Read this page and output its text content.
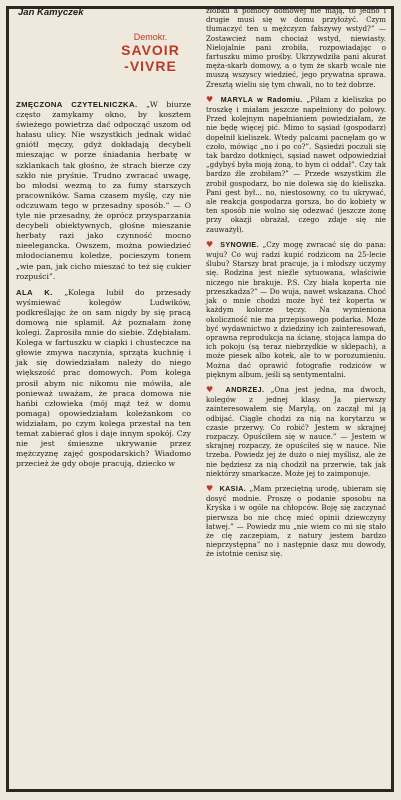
Jan Kamyczek
Demokr.
SAVOIR
-VIVRE

ZMĘCZONA CZYTELNICZKA. „W biurze często zamykamy okno, by kosztem świeżego powietrza dać odpocząć uszom od hałasu ulicy. Nie wszystkich jednak widać gniótł męczy, gdyż dokładają decybeli mieszając w porze śniadania herbatę w szklankach tak głośno, że strach bierze czy szkło nie pryśnie. Trudno zwracać uwagę, bo młodsi wezmą to za fumy starszych pracowników. Sama czasem myślę, czy nie odczuwam tego w przesadny sposób.” — O tyle nie przesadny, że oprócz przysparzania decybeli obiektywnych, głośne mieszanie herbaty razi jako czynność mocno nieelegancka. Owszem, można powiedzieć młodocianemu koledze, pocieszym tonem „wie pan, jak cicho mieszać to też się cukier rozpuści”.

ALA K. „Kolega lubił do przesady wyśmiewać kolegów Ludwików, podkreślając że on sam nigdy by się pracą domową nie splamił. Aż poznałam żonę kolegi. Zaprosiła mnie do siebie. Zdębiałam. Kolega w fartuszku w ciapki i chusteczce na głowie zmywa naczynia, sprząta kuchnię i jak się dowiedziałam należy do niego większość prac domowych. Pom kolega prosił abym nic nikomu nie mówiła, ale ponieważ uważam, że praca domowa nie hańbi człowieka (mój mąż też w domu pomaga) opowiedziałam koleżankom co widziałam, po czym kolega przestał na ten temat zabierać głos i daje innym spokój. Czy nie jest śmieszne ukrywanie przez mężczyznę zajęć gospodarskich? Wiadomo przecież że gdy oboje pracują, dziecko w

żłobku a pomocy domowej nie mają, to jedno i drugie musi się w domu przyłożyć. Czym tłumaczyć ten u mężczyzn fałszywy wstyd?” — Zostawcież nam chociaż wstyd, niewiasty. Nielojalnie pani zrobiła, rozpowiadając o fartuszku mimo prośby. Ukrzywdziła pani akurat męża-skarb domowy, a o tym że skarb wcale nie muszą wszyscy wiedzieć, jego prywatna sprawa. Zresztą wieliu się tym chwali, no to też dobrze.

♥ MARYLA w Radomiu. „Piłam z kieliszka po troszkę i miałam jeszcze napełniony do połowy. Przed kolejnym napełnianiem powiedziałam, że nie będę więcej pić. Mimo to sąsiad (gospodarz) dopełnił kieliszek. Wtedy palcami pacnęłam go w czoło, mówiąc „no i po co?”. Sąsiedzi poczuli się tak bardzo dotknięci, sąsiad nawet odpowiedział „gdybyś była moją żoną, to bym ci oddał”. Czy tak bardzo źle zrobiłam?” — Przede wszystkim źle zrobił gospodarz, bo nie dolewa się do kieliszka. Pani gest był... no, niestosowny, co tu ukrywać, ale reakcja gospodarza gorsza, bo do kobiety w ten sposób nie wolno się odezwać (jeszcze żonę przy okazji obrażał, czego zdaje się nie zauważył).

♥ SYNOWIE. „Czy mogę zwracać się do pana: wuju? Co wuj radzi kupić rodzicom na 25-lecie ślubu? Starszy brat pracuje, ja i młodszy uczymy się. Rodzina jest nieźle sytuowana, właściwie niczego nie brakuje. P.S. Czy biała koperta nie przeszkadza?” — Do wuja, nawet wskazana. Choć jak o mnie chodzi może być też koperta w każdym kolorze tęczy. Na wymieniona okoliczność nie ma przepisowego podarka. Może być wydawnictwo z dziedziny ich zainteresowań, oprawna reprodukcja na ścianę, stojąca lampa do ich pokoju (są teraz niebrzydkie w sklepach), a może piesek albo kotek, ale to w porozumieniu. Można dać oprawić fotografie rodziców w pięknym album, jeśli są sentymentalni.

♥ ANDRZEJ. „Ona jest jedna, ma dwoch, kolegów z jednej klasy. Ja pierwszy zainteresowałem się Marylą, on zaczął mi ją odbijać. Ciągle chodzi za nią na korytarzu w czasie przerwy. Co robić? Jestem w skrajnej rozpaczy. Opuściłem się w nauce.” — Jestem w skrajnej rozpaczy, że opuściłeś się w nauce. Nie trzeba. Powiedz jej że dużo o niej myślisz, ale że nie będziesz za nią chodził na przerwie, tak jak niektórzy smarkacze. Może jej to zaimponuje.

♥ KASIA. „Mam przeciętną urodę, ubieram się dosyć modnie. Proszę o podanie sposobu na Kryśka i w ogóle na chłopców. Boję się zaczynać pierwsza bo nie chcę mieć opinii dziewczyny łatwej.” — Powiedz mu „nie wiem co mi się stało że cię zaczepiam, z natury jestem bardzo nieprzystępna” no i następnie dasz mu dowody, że istotnie cenisz się.
